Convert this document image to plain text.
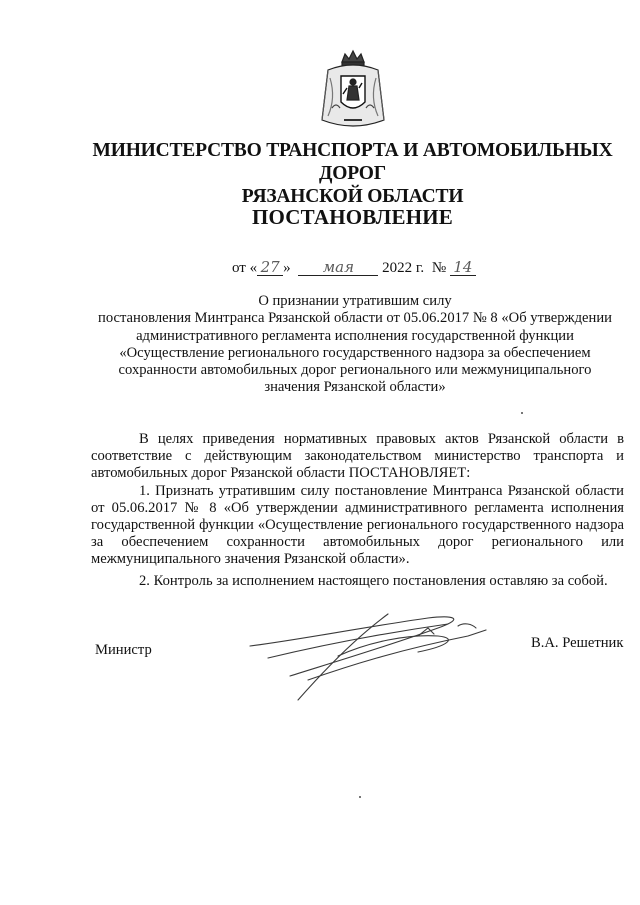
МИНИСТЕРСТВО ТРАНСПОРТА И АВТОМОБИЛЬНЫХ ДОРОГ
РЯЗАНСКОЙ ОБЛАСТИ
ПОСТАНОВЛЕНИЕ
от « 27 » мая 2022 г. № 14
О признании утратившим силу
постановления Минтранса Рязанской области от 05.06.2017 № 8 «Об утверждении
административного регламента исполнения государственной функции
«Осуществление регионального государственного надзора за обеспечением
сохранности автомобильных дорог регионального или межмуниципального
значения Рязанской области»

В целях приведения нормативных правовых актов Рязанской области в соответствие с действующим законодательством министерство транспорта и автомобильных дорог Рязанской области ПОСТАНОВЛЯЕТ:

1. Признать утратившим силу постановление Минтранса Рязанской области от 05.06.2017 № 8 «Об утверждении административного регламента исполнения государственной функции «Осуществление регионального государственного надзора за обеспечением сохранности автомобильных дорог регионального или межмуниципального значения Рязанской области».

2. Контроль за исполнением настоящего постановления оставляю за собой.

Министр	В.А. Решетник
